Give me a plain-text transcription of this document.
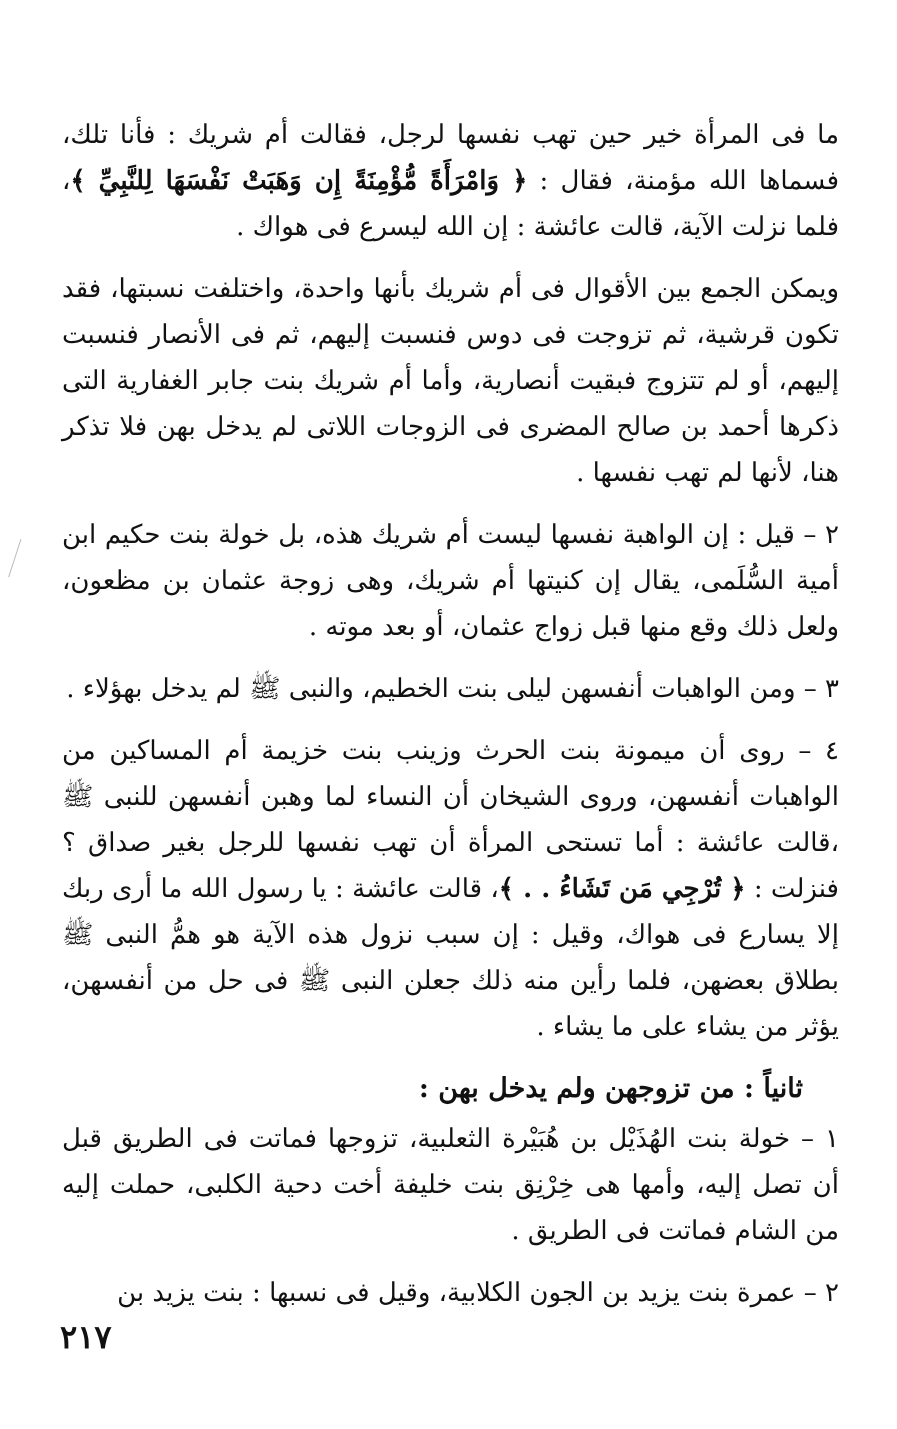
ما فى المرأة خير حين تهب نفسها لرجل، فقالت أم شريك : فأنا تلك، فسماها الله مؤمنة، فقال : ﴿ وَامْرَأَةً مُّؤْمِنَةً إِن وَهَبَتْ نَفْسَهَا لِلنَّبِيِّ ﴾، فلما نزلت الآية، قالت عائشة : إن الله ليسرع فى هواك .

ويمكن الجمع بين الأقوال فى أم شريك بأنها واحدة، واختلفت نسبتها، فقد تكون قرشية، ثم تزوجت فى دوس فنسبت إليهم، ثم فى الأنصار فنسبت إليهم، أو لم تتزوج فبقيت أنصارية، وأما أم شريك بنت جابر الغفارية التى ذكرها أحمد بن صالح المضرى فى الزوجات اللاتى لم يدخل بهن فلا تذكر هنا، لأنها لم تهب نفسها .

٢ – قيل : إن الواهبة نفسها ليست أم شريك هذه، بل خولة بنت حكيم ابن أمية السُّلَمى، يقال إن كنيتها أم شريك، وهى زوجة عثمان بن مظعون، ولعل ذلك وقع منها قبل زواج عثمان، أو بعد موته .

٣ – ومن الواهبات أنفسهن ليلى بنت الخطيم، والنبى ﷺ لم يدخل بهؤلاء .

٤ – روى أن ميمونة بنت الحرث وزينب بنت خزيمة أم المساكين من الواهبات أنفسهن، وروى الشيخان أن النساء لما وهبن أنفسهن للنبى ﷺ ،قالت عائشة : أما تستحى المرأة أن تهب نفسها للرجل بغير صداق ؟ فنزلت : ﴿ تُرْجِي مَن تَشَاءُ . . ﴾، قالت عائشة : يا رسول الله ما أرى ربك إلا يسارع فى هواك، وقيل : إن سبب نزول هذه الآية هو همُّ النبى ﷺ بطلاق بعضهن، فلما رأين منه ذلك جعلن النبى ﷺ فى حل من أنفسهن، يؤثر من يشاء على ما يشاء .

ثانياً : من تزوجهن ولم يدخل بهن :

١ – خولة بنت الهُذَيْل بن هُبَيْرة الثعلبية، تزوجها فماتت فى الطريق قبل أن تصل إليه، وأمها هى خِرْنِق بنت خليفة أخت دحية الكلبى، حملت إليه من الشام فماتت فى الطريق .

٢ – عمرة بنت يزيد بن الجون الكلابية، وقيل فى نسبها : بنت يزيد بن

٢١٧
